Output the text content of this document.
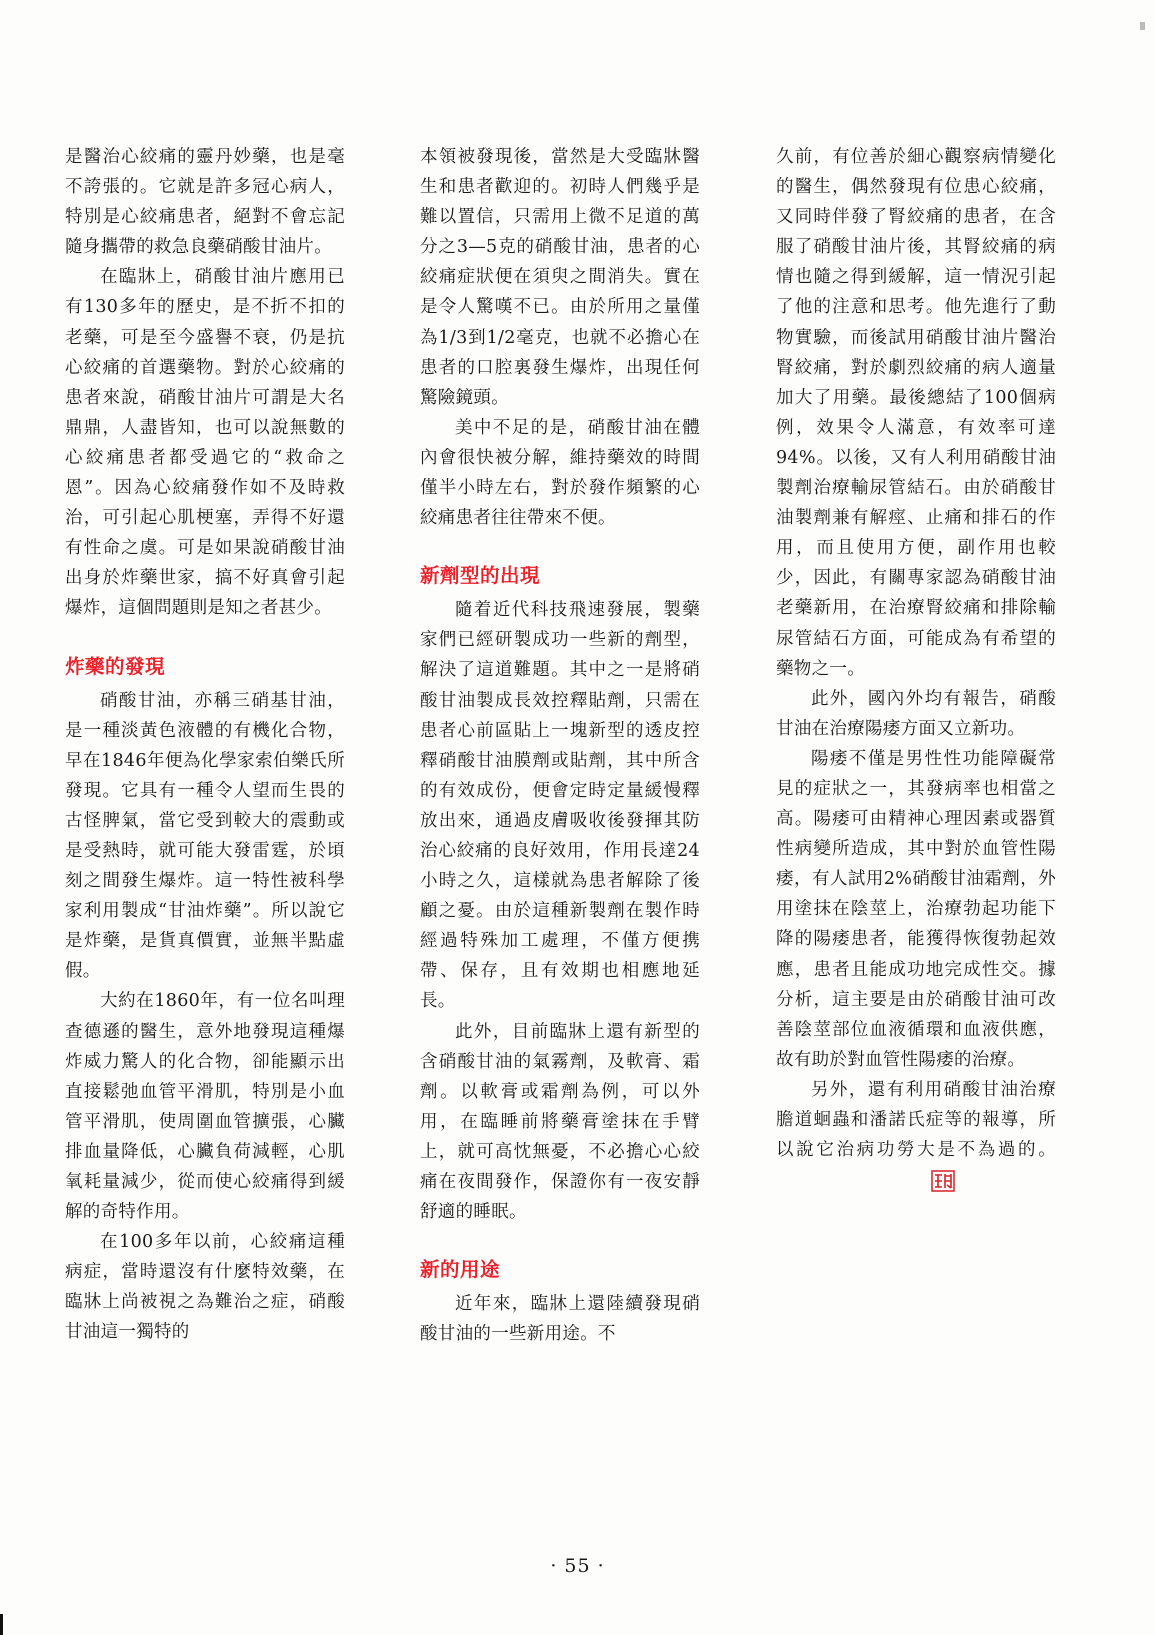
是醫治心絞痛的靈丹妙藥，也是毫不誇張的。它就是許多冠心病人，特別是心絞痛患者，絕對不會忘記隨身攜帶的救急良藥硝酸甘油片。

在臨牀上，硝酸甘油片應用已有130多年的歷史，是不折不扣的老藥，可是至今盛譽不衰，仍是抗心絞痛的首選藥物。對於心絞痛的患者來說，硝酸甘油片可謂是大名鼎鼎，人盡皆知，也可以說無數的心絞痛患者都受過它的“救命之恩”。因為心絞痛發作如不及時救治，可引起心肌梗塞，弄得不好還有性命之虞。可是如果說硝酸甘油出身於炸藥世家，搞不好真會引起爆炸，這個問題則是知之者甚少。

炸藥的發現

硝酸甘油，亦稱三硝基甘油，是一種淡黃色液體的有機化合物，早在1846年便為化學家索伯樂氏所發現。它具有一種令人望而生畏的古怪脾氣，當它受到較大的震動或是受熱時，就可能大發雷霆，於頃刻之間發生爆炸。這一特性被科學家利用製成“甘油炸藥”。所以說它是炸藥，是貨真價實，並無半點虛假。

大約在1860年，有一位名叫理查德遜的醫生，意外地發現這種爆炸威力驚人的化合物，卻能顯示出直接鬆弛血管平滑肌，特別是小血管平滑肌，使周圍血管擴張，心臟排血量降低，心臟負荷減輕，心肌氧耗量減少，從而使心絞痛得到緩解的奇特作用。

在100多年以前，心絞痛這種病症，當時還沒有什麼特效藥，在臨牀上尚被視之為難治之症，硝酸甘油這一獨特的

本領被發現後，當然是大受臨牀醫生和患者歡迎的。初時人們幾乎是難以置信，只需用上微不足道的萬分之3—5克的硝酸甘油，患者的心絞痛症狀便在須臾之間消失。實在是令人驚嘆不已。由於所用之量僅為1/3到1/2毫克，也就不必擔心在患者的口腔裏發生爆炸，出現任何驚險鏡頭。

美中不足的是，硝酸甘油在體內會很快被分解，維持藥效的時間僅半小時左右，對於發作頻繁的心絞痛患者往往帶來不便。

新劑型的出現

隨着近代科技飛速發展，製藥家們已經研製成功一些新的劑型，解決了這道難題。其中之一是將硝酸甘油製成長效控釋貼劑，只需在患者心前區貼上一塊新型的透皮控釋硝酸甘油膜劑或貼劑，其中所含的有效成份，便會定時定量緩慢釋放出來，通過皮膚吸收後發揮其防治心絞痛的良好效用，作用長達24小時之久，這樣就為患者解除了後顧之憂。由於這種新製劑在製作時經過特殊加工處理，不僅方便携帶、保存，且有效期也相應地延長。

此外，目前臨牀上還有新型的含硝酸甘油的氣霧劑，及軟膏、霜劑。以軟膏或霜劑為例，可以外用，在臨睡前將藥膏塗抹在手臂上，就可高忱無憂，不必擔心心絞痛在夜間發作，保證你有一夜安靜舒適的睡眠。

新的用途

近年來，臨牀上還陸續發現硝酸甘油的一些新用途。不

久前，有位善於細心觀察病情變化的醫生，偶然發現有位患心絞痛，又同時伴發了腎絞痛的患者，在含服了硝酸甘油片後，其腎絞痛的病情也隨之得到緩解，這一情況引起了他的注意和思考。他先進行了動物實驗，而後試用硝酸甘油片醫治腎絞痛，對於劇烈絞痛的病人適量加大了用藥。最後總結了100個病例，效果令人滿意，有效率可達94%。以後，又有人利用硝酸甘油製劑治療輸尿管結石。由於硝酸甘油製劑兼有解痙、止痛和排石的作用，而且使用方便，副作用也較少，因此，有關專家認為硝酸甘油老藥新用，在治療腎絞痛和排除輸尿管結石方面，可能成為有希望的藥物之一。

此外，國內外均有報告，硝酸甘油在治療陽痿方面又立新功。

陽痿不僅是男性性功能障礙常見的症狀之一，其發病率也相當之高。陽痿可由精神心理因素或器質性病變所造成，其中對於血管性陽痿，有人試用2%硝酸甘油霜劑，外用塗抹在陰莖上，治療勃起功能下降的陽痿患者，能獲得恢復勃起效應，患者且能成功地完成性交。據分析，這主要是由於硝酸甘油可改善陰莖部位血液循環和血液供應，故有助於對血管性陽痿的治療。

另外，還有利用硝酸甘油治療膽道蛔蟲和潘諾氏症等的報導，所以說它治病功勞大是不為過的。

· 55 ·
